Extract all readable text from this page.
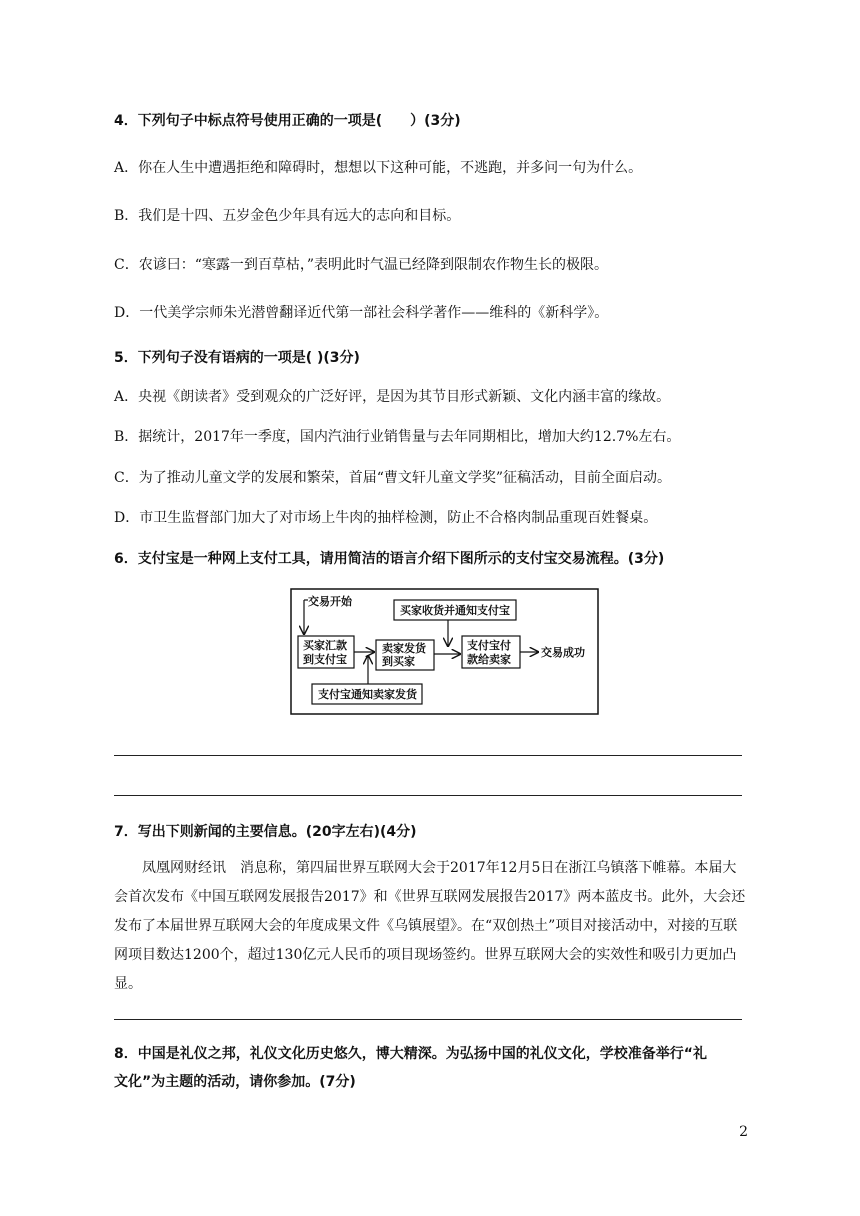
4．下列句子中标点符号使用正确的一项是(　　）(3分)
A．你在人生中遭遇拒绝和障碍时，想想以下这种可能，不逃跑，并多问一句为什么。
B．我们是十四、五岁金色少年具有远大的志向和目标。
C．农谚曰：“寒露一到百草枯，”表明此时气温已经降到限制农作物生长的极限。
D．一代美学宗师朱光潜曾翻译近代第一部社会科学著作——维科的《新科学》。
5．下列句子没有语病的一项是( )(3分)
A．央视《朗读者》受到观众的广泛好评，是因为其节目形式新颖、文化内涵丰富的缘故。
B．据统计，2017年一季度，国内汽油行业销售量与去年同期相比，增加大约12.7%左右。
C．为了推动儿童文学的发展和繁荣，首届“曹文轩儿童文学奖”征稿活动，目前全面启动。
D．市卫生监督部门加大了对市场上牛肉的抽样检测，防止不合格肉制品重现百姓餐桌。
6．支付宝是一种网上支付工具，请用简洁的语言介绍下图所示的支付宝交易流程。(3分)
交易开始
买家汇款
到支付宝
卖家发货
到买家
支付宝通知卖家发货
买家收货并通知支付宝
支付宝付
款给卖家
交易成功
7．写出下则新闻的主要信息。(20字左右)(4分)
凤凰网财经讯　消息称，第四届世界互联网大会于2017年12月5日在浙江乌镇落下帷幕。本届大会首次发布《中国互联网发展报告2017》和《世界互联网发展报告2017》两本蓝皮书。此外，大会还发布了本届世界互联网大会的年度成果文件《乌镇展望》。在“双创热土”项目对接活动中，对接的互联网项目数达1200个，超过130亿元人民币的项目现场签约。世界互联网大会的实效性和吸引力更加凸显。
8．中国是礼仪之邦，礼仪文化历史悠久，博大精深。为弘扬中国的礼仪文化，学校准备举行“礼
文化”为主题的活动，请你参加。(7分)
2
